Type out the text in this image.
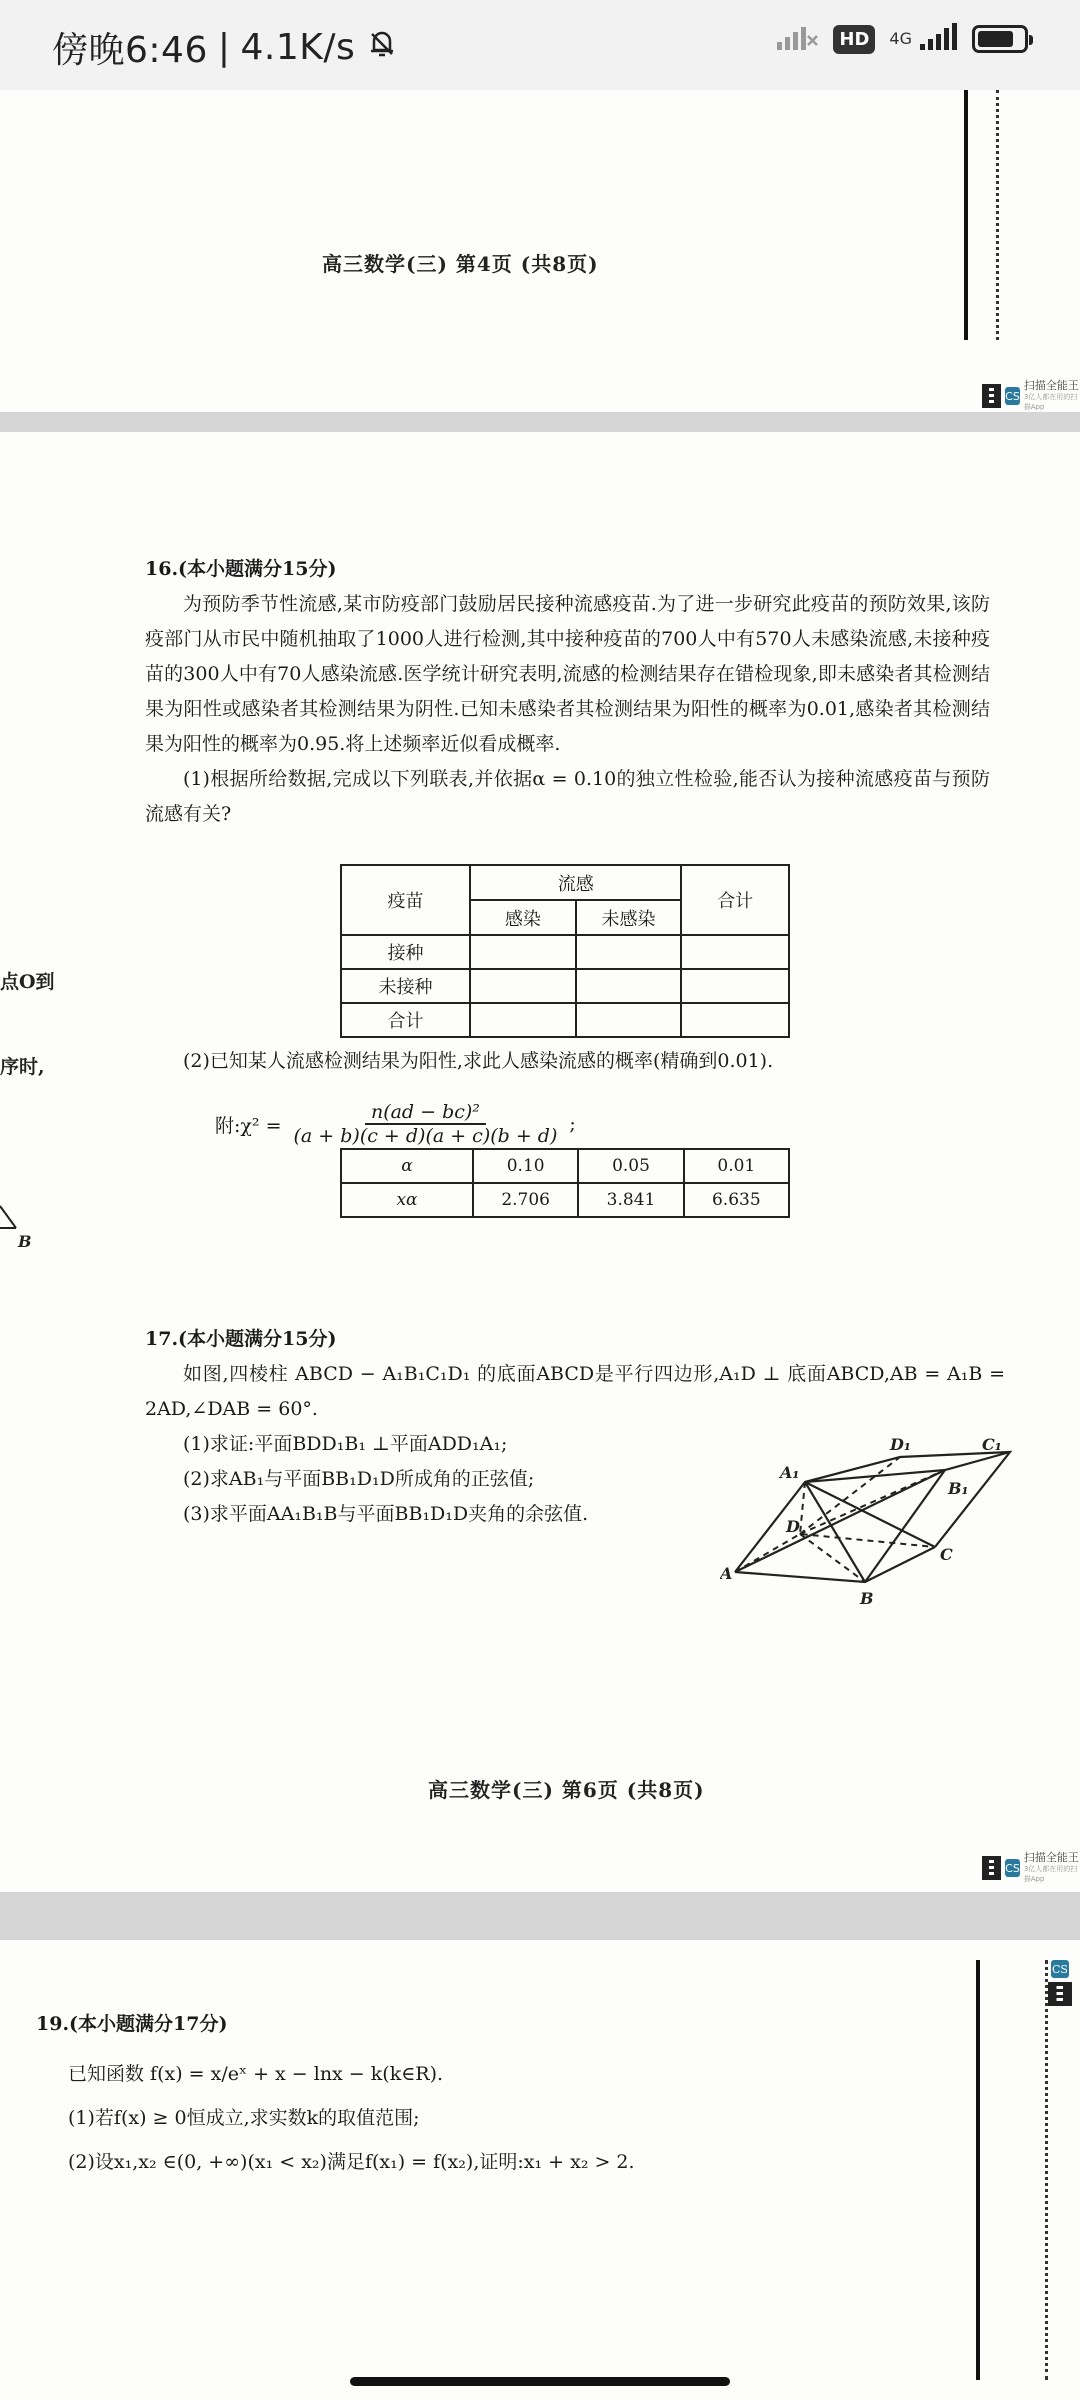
傍晚6:46 | 4.1K/s	HD	4G
高三数学(三) 第4页 (共8页)
CS
扫描全能王
3亿人都在用的扫描App
点O到
序时,
B

16.(本小题满分15分)

为预防季节性流感,某市防疫部门鼓励居民接种流感疫苗.为了进一步研究此疫苗的预防效果,该防疫部门从市民中随机抽取了1000人进行检测,其中接种疫苗的700人中有570人未感染流感,未接种疫苗的300人中有70人感染流感.医学统计研究表明,流感的检测结果存在错检现象,即未感染者其检测结果为阳性或感染者其检测结果为阴性.已知未感染者其检测结果为阳性的概率为0.01,感染者其检测结果为阳性的概率为0.95.将上述频率近似看成概率.

(1)根据所给数据,完成以下列联表,并依据α = 0.10的独立性检验,能否认为接种流感疫苗与预防流感有关?

疫苗	流感		合计
	感染	未感染	
接种			
未接种			
合计			

(2)已知某人流感检测结果为阳性,求此人感染流感的概率(精确到0.01).

附:χ² = $\frac{\text{n(ad − bc)²}}{(a + b)(c + d)(a + c)(b + d)}$ ;
α	0.10	0.05	0.01
xα	2.706	3.841	6.635

17.(本小题满分15分)

如图,四棱柱 ABCD − A₁B₁C₁D₁ 的底面ABCD是平行四边形,A₁D ⊥ 底面ABCD,AB = A₁B = 2AD,∠DAB = 60°.

(1)求证:平面BDD₁B₁ ⊥平面ADD₁A₁;

(2)求AB₁与平面BB₁D₁D所成角的正弦值;

(3)求平面AA₁B₁B与平面BB₁D₁D夹角的余弦值.

A
B
C
D
A₁
B₁
C₁
D₁
高三数学(三) 第6页 (共8页)
CS
扫描全能王
3亿人都在用的扫描App
CS

19.(本小题满分17分)

已知函数 f(x) = x/eˣ + x − lnx − k(k∈R).

(1)若f(x) ≥ 0恒成立,求实数k的取值范围;

(2)设x₁,x₂ ∈(0, +∞)(x₁ < x₂)满足f(x₁) = f(x₂),证明:x₁ + x₂ > 2.
